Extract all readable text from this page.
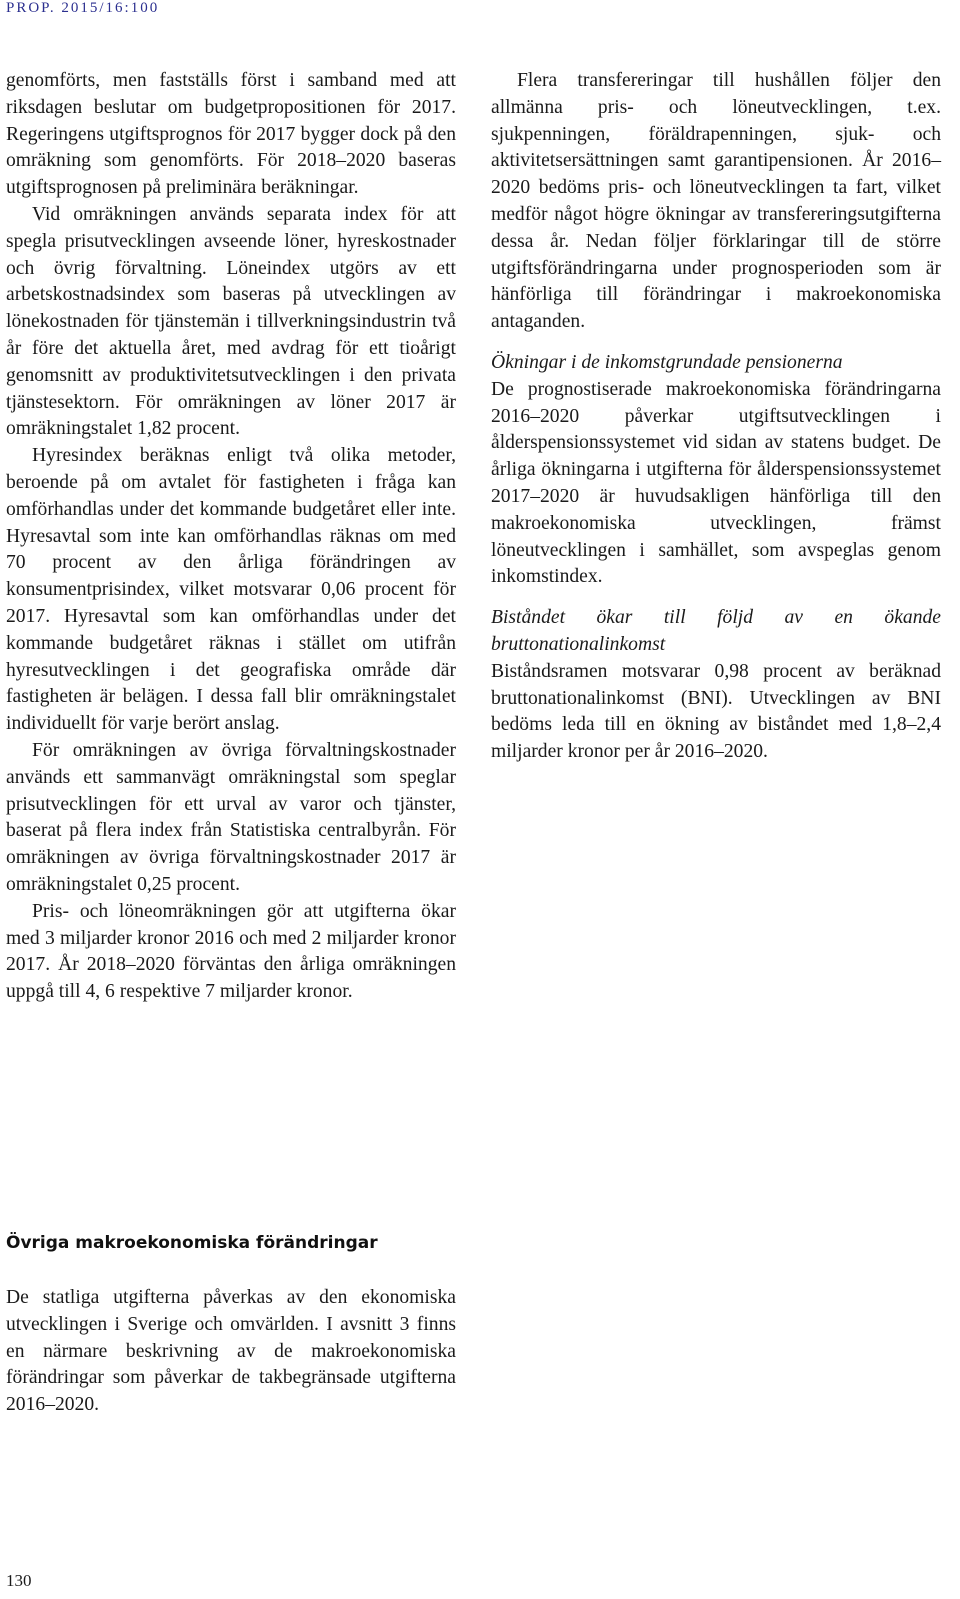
PROP. 2015/16:100

genomförts, men fastställs först i samband med att riksdagen beslutar om budgetpropositionen för 2017. Regeringens utgiftsprognos för 2017 bygger dock på den omräkning som genomförts. För 2018–2020 baseras utgiftsprognosen på preliminära beräkningar.

Vid omräkningen används separata index för att spegla prisutvecklingen avseende löner, hyreskostnader och övrig förvaltning. Löneindex utgörs av ett arbetskostnadsindex som baseras på utvecklingen av lönekostnaden för tjänstemän i tillverkningsindustrin två år före det aktuella året, med avdrag för ett tioårigt genomsnitt av produktivitetsutvecklingen i den privata tjänstesektorn. För omräkningen av löner 2017 är omräkningstalet 1,82 procent.

Hyresindex beräknas enligt två olika metoder, beroende på om avtalet för fastigheten i fråga kan omförhandlas under det kommande budgetåret eller inte. Hyresavtal som inte kan omförhandlas räknas om med 70 procent av den årliga förändringen av konsumentprisindex, vilket motsvarar 0,06 procent för 2017. Hyresavtal som kan omförhandlas under det kommande budgetåret räknas i stället om utifrån hyresutvecklingen i det geografiska område där fastigheten är belägen. I dessa fall blir omräkningstalet individuellt för varje berört anslag.

För omräkningen av övriga förvaltningskostnader används ett sammanvägt omräkningstal som speglar prisutvecklingen för ett urval av varor och tjänster, baserat på flera index från Statistiska centralbyrån. För omräkningen av övriga förvaltningskostnader 2017 är omräkningstalet 0,25 procent.

Pris- och löneomräkningen gör att utgifterna ökar med 3 miljarder kronor 2016 och med 2 miljarder kronor 2017. År 2018–2020 förväntas den årliga omräkningen uppgå till 4, 6 respektive 7 miljarder kronor.

Flera transfereringar till hushållen följer den allmänna pris- och löneutvecklingen, t.ex. sjukpenningen, föräldrapenningen, sjuk- och aktivitetsersättningen samt garantipensionen. År 2016–2020 bedöms pris- och löneutvecklingen ta fart, vilket medför något högre ökningar av transfereringsutgifterna dessa år. Nedan följer förklaringar till de större utgiftsförändringarna under prognosperioden som är hänförliga till förändringar i makroekonomiska antaganden.

Ökningar i de inkomstgrundade pensionerna

De prognostiserade makroekonomiska förändringarna 2016–2020 påverkar utgiftsutvecklingen i ålderspensionssystemet vid sidan av statens budget. De årliga ökningarna i utgifterna för ålderspensionssystemet 2017–2020 är huvudsakligen hänförliga till den makroekonomiska utvecklingen, främst löneutvecklingen i samhället, som avspeglas genom inkomstindex.

Biståndet ökar till följd av en ökande bruttonationalinkomst

Biståndsramen motsvarar 0,98 procent av beräknad bruttonationalinkomst (BNI). Utvecklingen av BNI bedöms leda till en ökning av biståndet med 1,8–2,4 miljarder kronor per år 2016–2020.

Övriga makroekonomiska förändringar

De statliga utgifterna påverkas av den ekonomiska utvecklingen i Sverige och omvärlden. I avsnitt 3 finns en närmare beskrivning av de makroekonomiska förändringar som påverkar de takbegränsade utgifterna 2016–2020.

130
